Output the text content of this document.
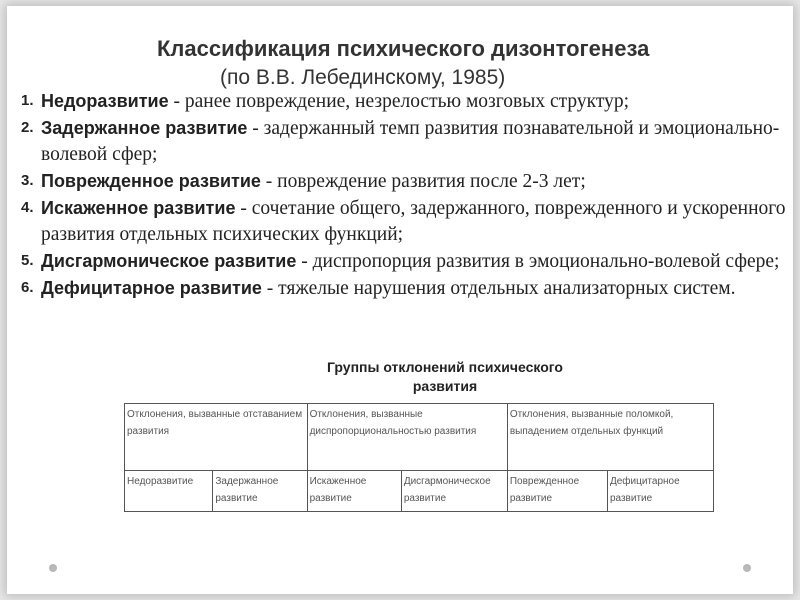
Классификация психического дизонтогенеза
(по В.В. Лебединскому, 1985)
1. Недоразвитие - ранее повреждение, незрелостью мозговых структур;
2. Задержанное развитие - задержанный темп развития познавательной и эмоционально-волевой сфер;
3. Поврежденное развитие - повреждение развития после 2-3 лет;
4. Искаженное развитие - сочетание общего, задержанного, поврежденного и ускоренного развития отдельных психических функций;
5. Дисгармоническое развитие - диспропорция развития в эмоционально-волевой сфере;
6. Дефицитарное развитие - тяжелые нарушения отдельных анализаторных систем.
Группы отклонений психического развития
Отклонения, вызванные отставанием развития		Отклонения, вызванные диспропорциональностью развития		Отклонения, вызванные поломкой, выпадением отдельных функций	
Недоразвитие	Задержанное развитие	Искаженное развитие	Дисгармоническое развитие	Поврежденное развитие	Дефицитарное развитие
